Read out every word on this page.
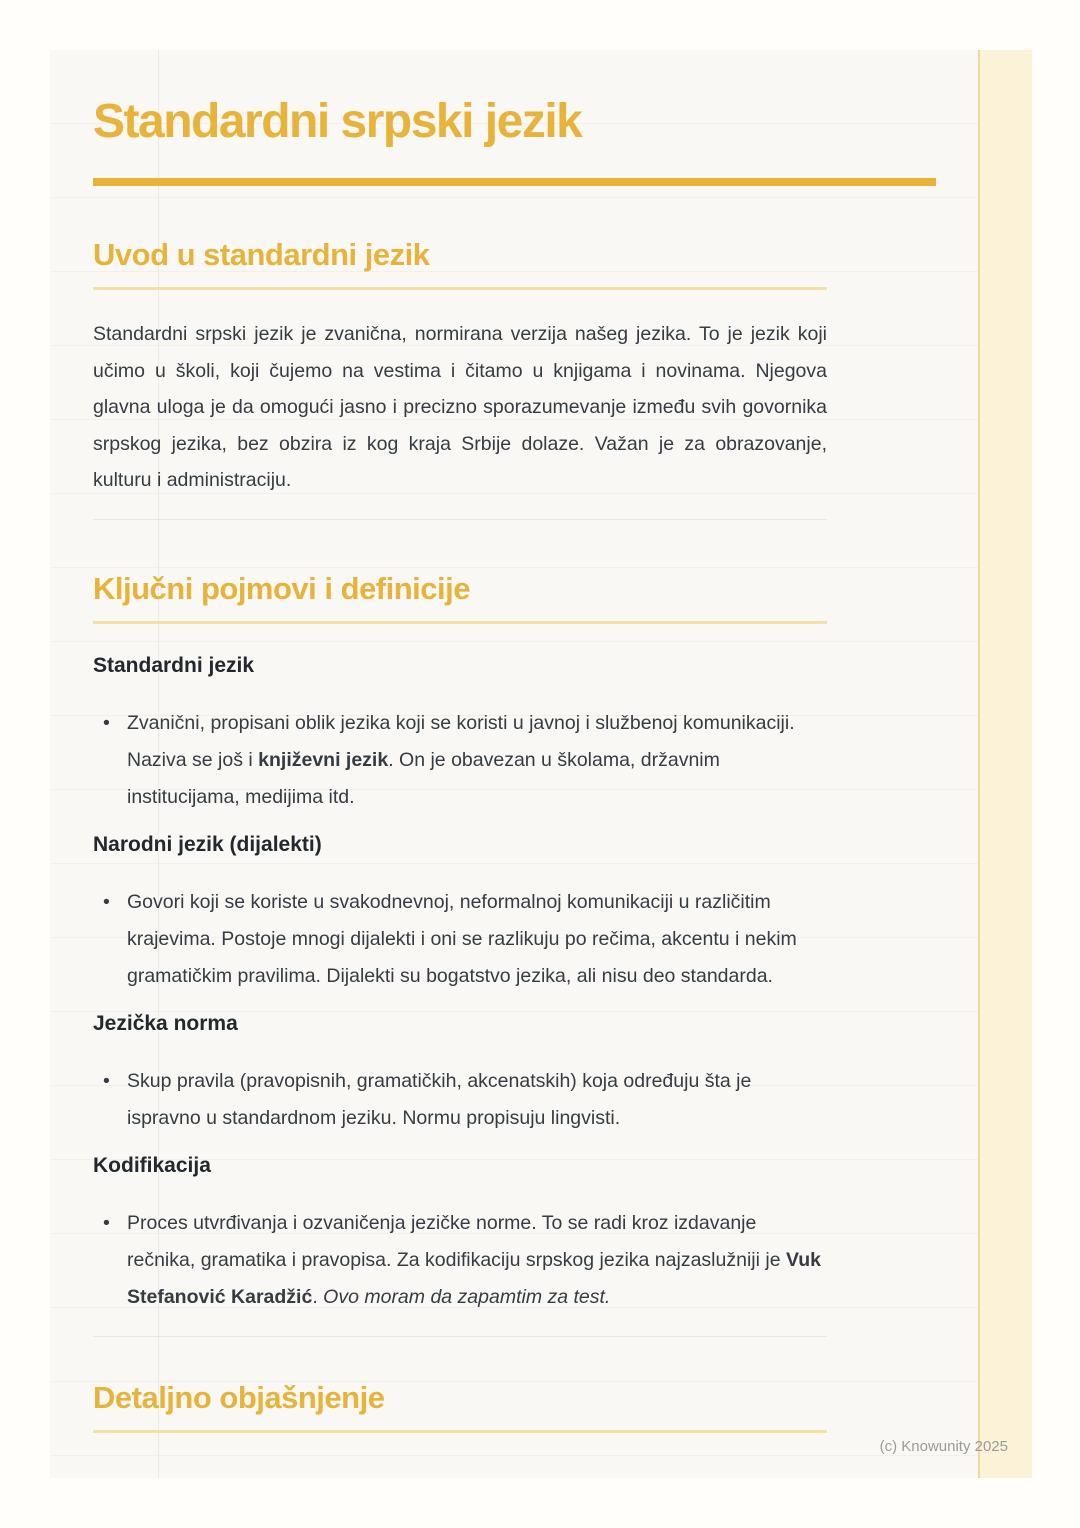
Standardni srpski jezik
Uvod u standardni jezik

Standardni srpski jezik je zvanična, normirana verzija našeg jezika. To je jezik koji učimo u školi, koji čujemo na vestima i čitamo u knjigama i novinama. Njegova glavna uloga je da omogući jasno i precizno sporazumevanje između svih govornika srpskog jezika, bez obzira iz kog kraja Srbije dolaze. Važan je za obrazovanje, kulturu i administraciju.

Ključni pojmovi i definicije
Standardni jezik
• Zvanični, propisani oblik jezika koji se koristi u javnoj i službenoj komunikaciji. Naziva se još i književni jezik. On je obavezan u školama, državnim institucijama, medijima itd.
Narodni jezik (dijalekti)
• Govori koji se koriste u svakodnevnoj, neformalnoj komunikaciji u različitim krajevima. Postoje mnogi dijalekti i oni se razlikuju po rečima, akcentu i nekim gramatičkim pravilima. Dijalekti su bogatstvo jezika, ali nisu deo standarda.
Jezička norma
• Skup pravila (pravopisnih, gramatičkih, akcenatskih) koja određuju šta je ispravno u standardnom jeziku. Normu propisuju lingvisti.
Kodifikacija
• Proces utvrđivanja i ozvaničenja jezičke norme. To se radi kroz izdavanje rečnika, gramatika i pravopisa. Za kodifikaciju srpskog jezika najzaslužniji je Vuk Stefanović Karadžić. Ovo moram da zapamtim za test.
Detaljno objašnjenje
(c) Knowunity 2025
